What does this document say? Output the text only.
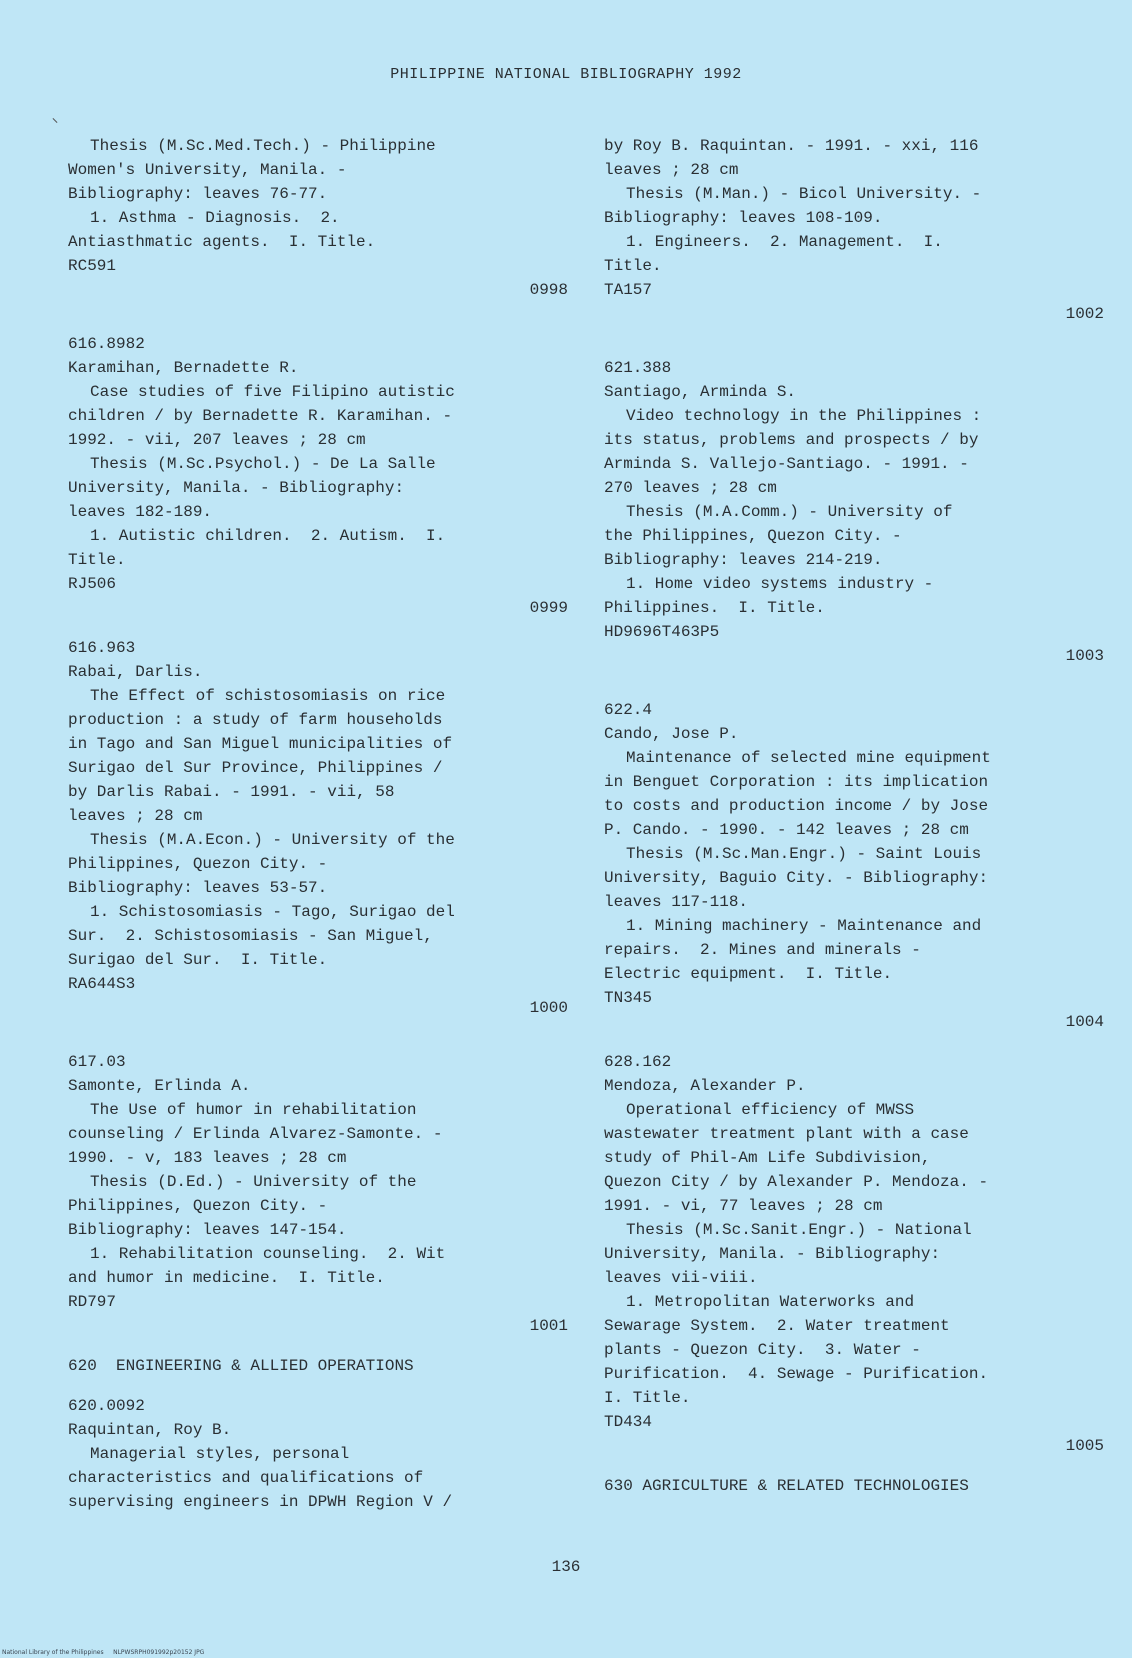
PHILIPPINE NATIONAL BIBLIOGRAPHY 1992
Thesis (M.Sc.Med.Tech.) - Philippine
Women's University, Manila. -
Bibliography: leaves 76-77.
1. Asthma - Diagnosis.  2.
Antiasthmatic agents.  I. Title.
RC591
0998
616.8982
Karamihan, Bernadette R.
Case studies of five Filipino autistic
children / by Bernadette R. Karamihan. -
1992. - vii, 207 leaves ; 28 cm
Thesis (M.Sc.Psychol.) - De La Salle
University, Manila. - Bibliography:
leaves 182-189.
1. Autistic children.  2. Autism.  I.
Title.
RJ506
0999
616.963
Rabai, Darlis.
The Effect of schistosomiasis on rice
production : a study of farm households
in Tago and San Miguel municipalities of
Surigao del Sur Province, Philippines /
by Darlis Rabai. - 1991. - vii, 58
leaves ; 28 cm
Thesis (M.A.Econ.) - University of the
Philippines, Quezon City. -
Bibliography: leaves 53-57.
1. Schistosomiasis - Tago, Surigao del
Sur.  2. Schistosomiasis - San Miguel,
Surigao del Sur.  I. Title.
RA644S3
1000
617.03
Samonte, Erlinda A.
The Use of humor in rehabilitation
counseling / Erlinda Alvarez-Samonte. -
1990. - v, 183 leaves ; 28 cm
Thesis (D.Ed.) - University of the
Philippines, Quezon City. -
Bibliography: leaves 147-154.
1. Rehabilitation counseling.  2. Wit
and humor in medicine.  I. Title.
RD797
1001
620  ENGINEERING & ALLIED OPERATIONS
620.0092
Raquintan, Roy B.
Managerial styles, personal
characteristics and qualifications of
supervising engineers in DPWH Region V /
by Roy B. Raquintan. - 1991. - xxi, 116
leaves ; 28 cm
Thesis (M.Man.) - Bicol University. -
Bibliography: leaves 108-109.
1. Engineers.  2. Management.  I.
Title.
TA157
1002
621.388
Santiago, Arminda S.
Video technology in the Philippines :
its status, problems and prospects / by
Arminda S. Vallejo-Santiago. - 1991. -
270 leaves ; 28 cm
Thesis (M.A.Comm.) - University of
the Philippines, Quezon City. -
Bibliography: leaves 214-219.
1. Home video systems industry -
Philippines.  I. Title.
HD9696T463P5
1003
622.4
Cando, Jose P.
Maintenance of selected mine equipment
in Benguet Corporation : its implication
to costs and production income / by Jose
P. Cando. - 1990. - 142 leaves ; 28 cm
Thesis (M.Sc.Man.Engr.) - Saint Louis
University, Baguio City. - Bibliography:
leaves 117-118.
1. Mining machinery - Maintenance and
repairs.  2. Mines and minerals -
Electric equipment.  I. Title.
TN345
1004
628.162
Mendoza, Alexander P.
Operational efficiency of MWSS
wastewater treatment plant with a case
study of Phil-Am Life Subdivision,
Quezon City / by Alexander P. Mendoza. -
1991. - vi, 77 leaves ; 28 cm
Thesis (M.Sc.Sanit.Engr.) - National
University, Manila. - Bibliography:
leaves vii-viii.
1. Metropolitan Waterworks and
Sewarage System.  2. Water treatment
plants - Quezon City.  3. Water -
Purification.  4. Sewage - Purification.
I. Title.
TD434
1005
630 AGRICULTURE & RELATED TECHNOLOGIES
136
National Library of the Philippines     NLPWSRPH091992p20152 JPG
